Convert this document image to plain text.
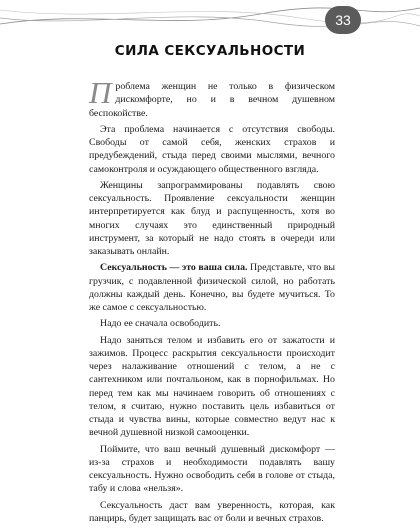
33
СИЛА СЕКСУАЛЬНОСТИ

Проблема женщин не только в физическом дискомфорте, но и в вечном душевном беспокойстве.

Эта проблема начинается с отсутствия свободы. Свободы от самой себя, женских страхов и предубеждений, стыда перед своими мыслями, вечного самоконтроля и осуждающего общественного взгляда.

Женщины запрограммированы подавлять свою сексуальность. Проявление сексуальности женщин интерпретируется как блуд и распущенность, хотя во многих случаях это единственный природный инструмент, за который не надо стоять в очереди или заказывать онлайн.

Сексуальность — это ваша сила. Представьте, что вы грузчик, с подавленной физической силой, но работать должны каждый день. Конечно, вы будете мучиться. То же самое с сексуальностью.

Надо ее сначала освободить.

Надо заняться телом и избавить его от зажатости и зажимов. Процесс раскрытия сексуальности происходит через налаживание отношений с телом, а не с сантехником или почтальоном, как в порнофильмах. Но перед тем как мы начинаем говорить об отношениях с телом, я считаю, нужно поставить цель избавиться от стыда и чувства вины, которые совместно ведут нас к вечной душевной низкой самооценки.

Поймите, что ваш вечный душевный дискомфорт — из-за страхов и необходимости подавлять вашу сексуальность. Нужно освободить себя в голове от стыда, табу и слова «нельзя».

Сексуальность даст вам уверенность, которая, как панцирь, будет защищать вас от боли и вечных страхов.
